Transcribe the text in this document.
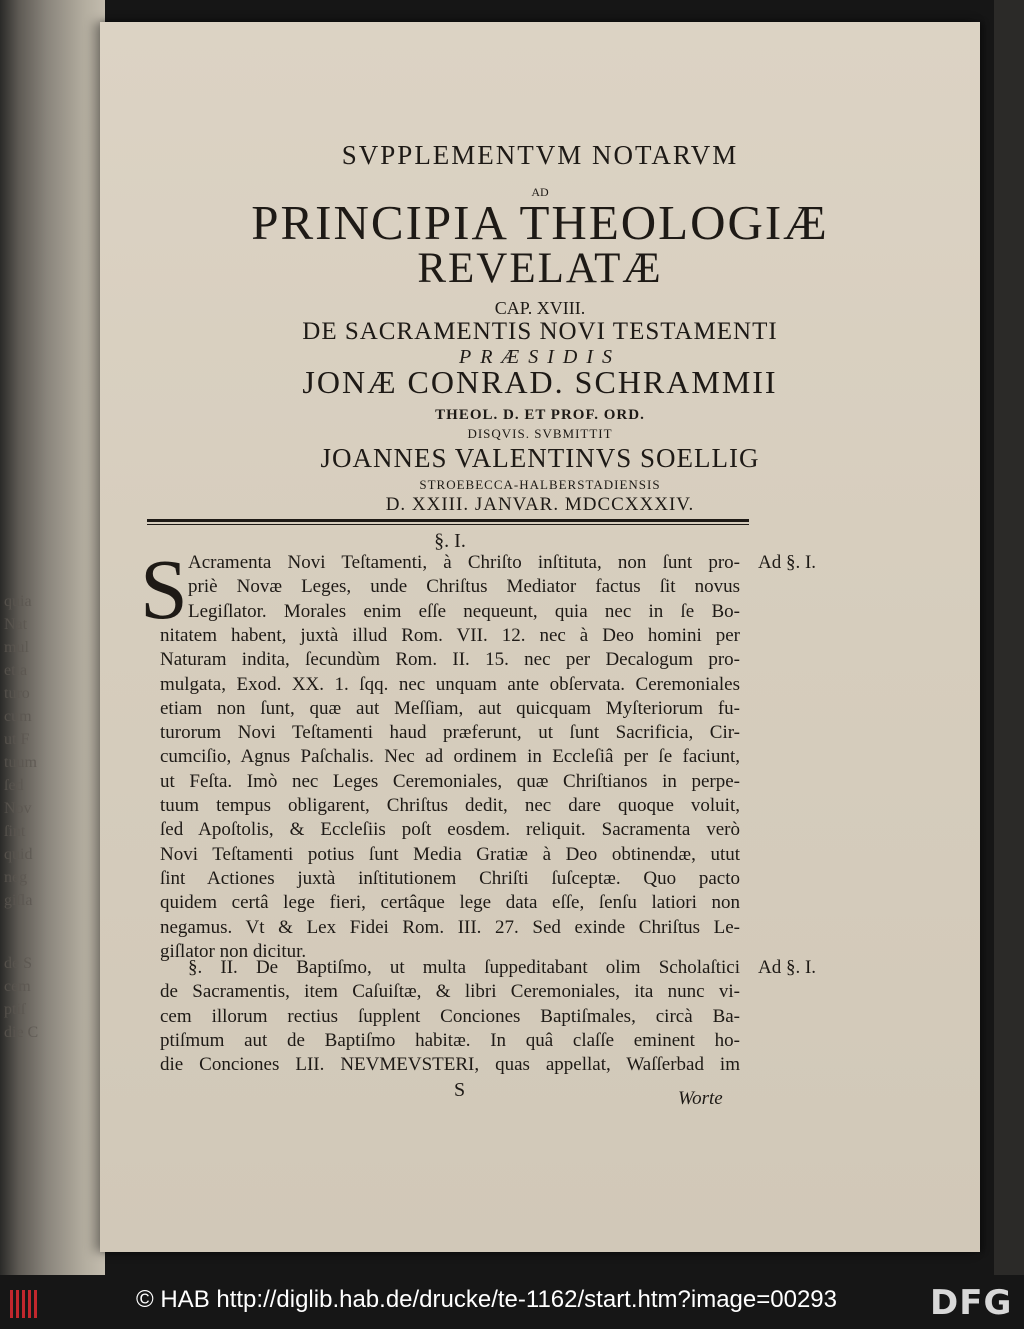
quia
Nat
mul
etia
turo
cum
ut F
tuum
ſed
Nov
ſint
quid
neg
giſla
de S
cem
ptiſ
die C
SVPPLEMENTVM NOTARVM
AD
PRINCIPIA THEOLOGIÆ
REVELATÆ
CAP. XVIII.
DE SACRAMENTIS NOVI TESTAMENTI
PRÆSIDIS
JONÆ CONRAD. SCHRAMMII
THEOL. D. ET PROF. ORD.
DISQVIS. SVBMITTIT
JOANNES VALENTINVS SOELLIG
STROEBECCA-HALBERSTADIENSIS
D. XXIII. JANVAR. MDCCXXXIV.
§. I.
S Acramenta Novi Teſtamenti, à Chriſto inſtituta, non ſunt pro-
priè Novæ Leges, unde Chriſtus Mediator factus ſit novus
Legiſlator. Morales enim eſſe nequeunt, quia nec in ſe Bo-
nitatem habent, juxtà illud Rom. VII. 12. nec à Deo homini per
Naturam indita, ſecundùm Rom. II. 15. nec per Decalogum pro-
mulgata, Exod. XX. 1. ſqq. nec unquam ante obſervata. Ceremoniales
etiam non ſunt, quæ aut Meſſiam, aut quicquam Myſteriorum fu-
turorum Novi Teſtamenti haud præferunt, ut ſunt Sacrificia, Cir-
cumciſio, Agnus Paſchalis. Nec ad ordinem in Eccleſiâ per ſe faciunt,
ut Feſta. Imò nec Leges Ceremoniales, quæ Chriſtianos in perpe-
tuum tempus obligarent, Chriſtus dedit, nec dare quoque voluit,
ſed Apoſtolis, & Eccleſiis poſt eosdem. reliquit. Sacramenta verò
Novi Teſtamenti potius ſunt Media Gratiæ à Deo obtinendæ, utut
ſint Actiones juxtà inſtitutionem Chriſti ſuſceptæ. Quo pacto
quidem certâ lege fieri, certâque lege data eſſe, ſenſu latiori non
negamus. Vt & Lex Fidei Rom. III. 27. Sed exinde Chriſtus Le-
giſlator non dicitur.
Ad §. I.
§. II. De Baptiſmo, ut multa ſuppeditabant olim Scholaſtici
de Sacramentis, item Caſuiſtæ, & libri Ceremoniales, ita nunc vi-
cem illorum rectius ſupplent Conciones Baptiſmales, circà Ba-
ptiſmum aut de Baptiſmo habitæ. In quâ claſſe eminent ho-
die Conciones LII. NEVMEVSTERI, quas appellat, Waſſerbad im
Ad §. I.
S	Worte
© HAB http://diglib.hab.de/drucke/te-1162/start.htm?image=00293	DFG
